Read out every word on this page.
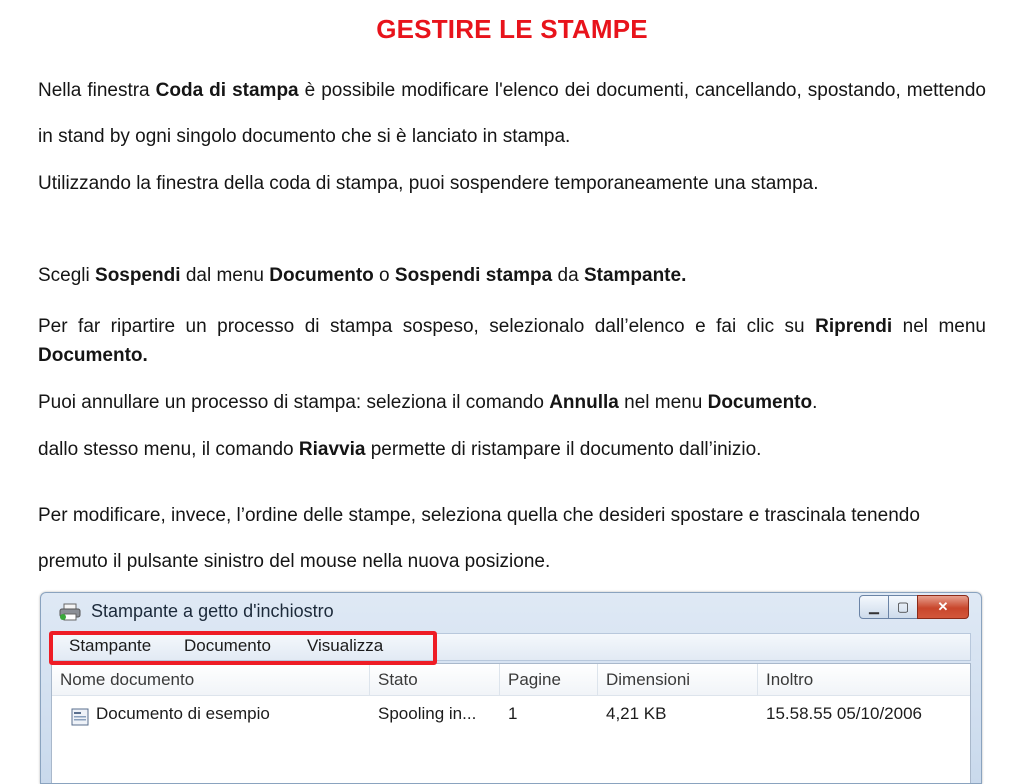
GESTIRE LE STAMPE

Nella finestra Coda di stampa è possibile modificare l'elenco dei documenti, cancellando, spostando, mettendo in stand by ogni singolo documento che si è lanciato in stampa.

Utilizzando la finestra della coda di stampa, puoi sospendere temporaneamente una stampa.

Scegli Sospendi dal menu Documento o Sospendi stampa da Stampante.

Per far ripartire un processo di stampa sospeso, selezionalo dall’elenco e fai clic su Riprendi nel menu Documento.

Puoi annullare un processo di stampa: seleziona il comando Annulla nel menu Documento.

dallo stesso menu, il comando Riavvia permette di ristampare il documento dall’inizio.

Per modificare, invece, l’ordine delle stampe, seleziona quella che desideri spostare e trascinala tenendo premuto il pulsante sinistro del mouse nella nuova posizione.

Stampante a getto d'inchiostro	▁	▢	✕
Stampante Documento Visualizza
Nome documento	Stato	Pagine	Dimensioni	Inoltro
Documento di esempio	Spooling in...	1	4,21 KB	15.58.55 05/10/2006
